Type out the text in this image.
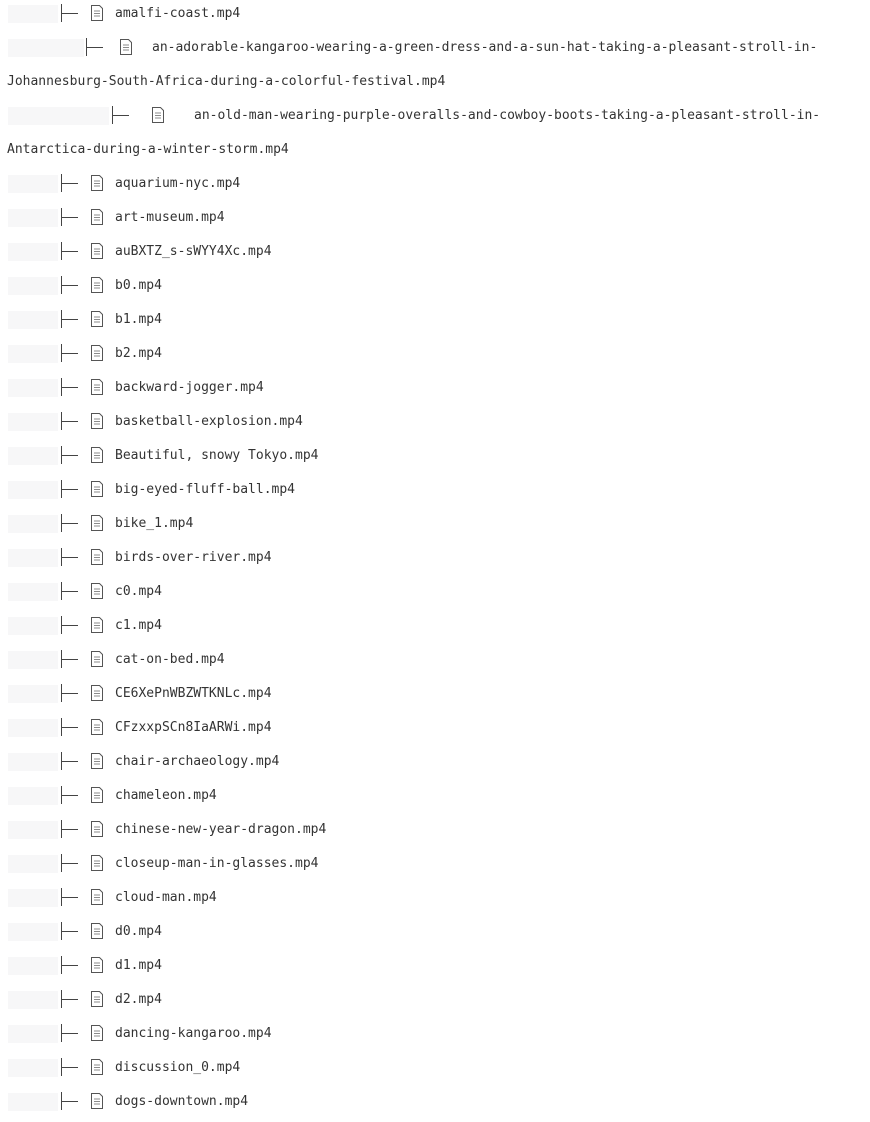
amalfi-coast.mp4
an-adorable-kangaroo-wearing-a-green-dress-and-a-sun-hat-taking-a-pleasant-stroll-in-
Johannesburg-South-Africa-during-a-colorful-festival.mp4
an-old-man-wearing-purple-overalls-and-cowboy-boots-taking-a-pleasant-stroll-in-
Antarctica-during-a-winter-storm.mp4
aquarium-nyc.mp4
art-museum.mp4
auBXTZ_s-sWYY4Xc.mp4
b0.mp4
b1.mp4
b2.mp4
backward-jogger.mp4
basketball-explosion.mp4
Beautiful, snowy Tokyo.mp4
big-eyed-fluff-ball.mp4
bike_1.mp4
birds-over-river.mp4
c0.mp4
c1.mp4
cat-on-bed.mp4
CE6XePnWBZWTKNLc.mp4
CFzxxpSCn8IaARWi.mp4
chair-archaeology.mp4
chameleon.mp4
chinese-new-year-dragon.mp4
closeup-man-in-glasses.mp4
cloud-man.mp4
d0.mp4
d1.mp4
d2.mp4
dancing-kangaroo.mp4
discussion_0.mp4
dogs-downtown.mp4
